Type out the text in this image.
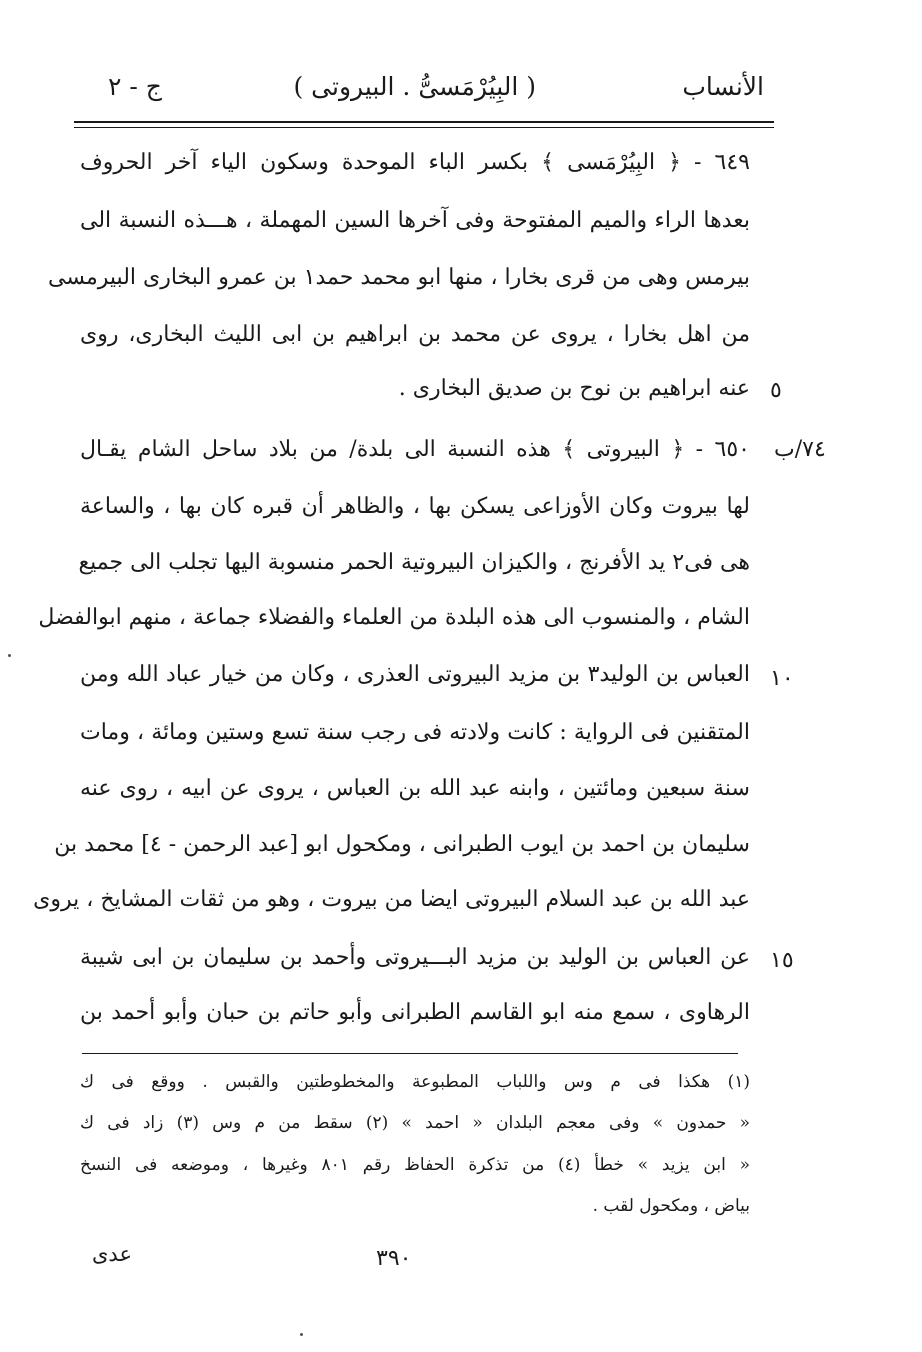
الأنساب
( البِيُرْمَسىُّ . البيروتى )
ج - ٢
٦٤٩ - ﴿ البِيُرْمَسى ﴾ بكسر الباء الموحدة وسكون الياء آخر الحروف
بعدها الراء والميم المفتوحة وفى آخرها السين المهملة ، هـــذه النسبة الى
بيرمس وهى من قرى بخارا ، منها ابو محمد حمد١ بن عمرو البخارى البيرمسى
من اهل بخارا ، يروى عن محمد بن ابراهيم بن ابى الليث البخارى، روى
عنه ابراهيم بن نوح بن صديق البخارى .
٦٥٠ - ﴿ البيروتى ﴾ هذه النسبة الى بلدة/ من بلاد ساحل الشام يقـال
لها بيروت وكان الأوزاعى يسكن بها ، والظاهر أن قبره كان بها ، والساعة
هى فى٢ يد الأفرنج ، والكيزان البيروتية الحمر منسوبة اليها تجلب الى جميع
الشام ، والمنسوب الى هذه البلدة من العلماء والفضلاء جماعة ، منهم ابوالفضل
العباس بن الوليد٣ بن مزيد البيروتى العذرى ، وكان من خيار عباد الله ومن
المتقنين فى الرواية : كانت ولادته فى رجب سنة تسع وستين ومائة ، ومات
سنة سبعين ومائتين ، وابنه عبد الله بن العباس ، يروى عن ابيه ، روى عنه
سليمان بن احمد بن ايوب الطبرانى ، ومكحول ابو [عبد الرحمن - ٤] محمد بن
عبد الله بن عبد السلام البيروتى ايضا من بيروت ، وهو من ثقات المشايخ ، يروى
عن العباس بن الوليد بن مزيد البـــيروتى وأحمد بن سليمان بن ابى شيبة
الرهاوى ، سمع منه ابو القاسم الطبرانى وأبو حاتم بن حبان وأبو أحمد بن
٥
١٠
١٥
٧٤/ب
(١) هكذا فى م وس واللباب المطبوعة والمخطوطتين والقبس . ووقع فى ك
« حمدون » وفى معجم البلدان « احمد » (٢) سقط من م وس (٣) زاد فى ك
« ابن يزيد » خطأ (٤) من تذكرة الحفاظ رقم ٨٠١ وغيرها ، وموضعه فى النسخ
بياض ، ومكحول لقب .
٣٩٠
عدى
